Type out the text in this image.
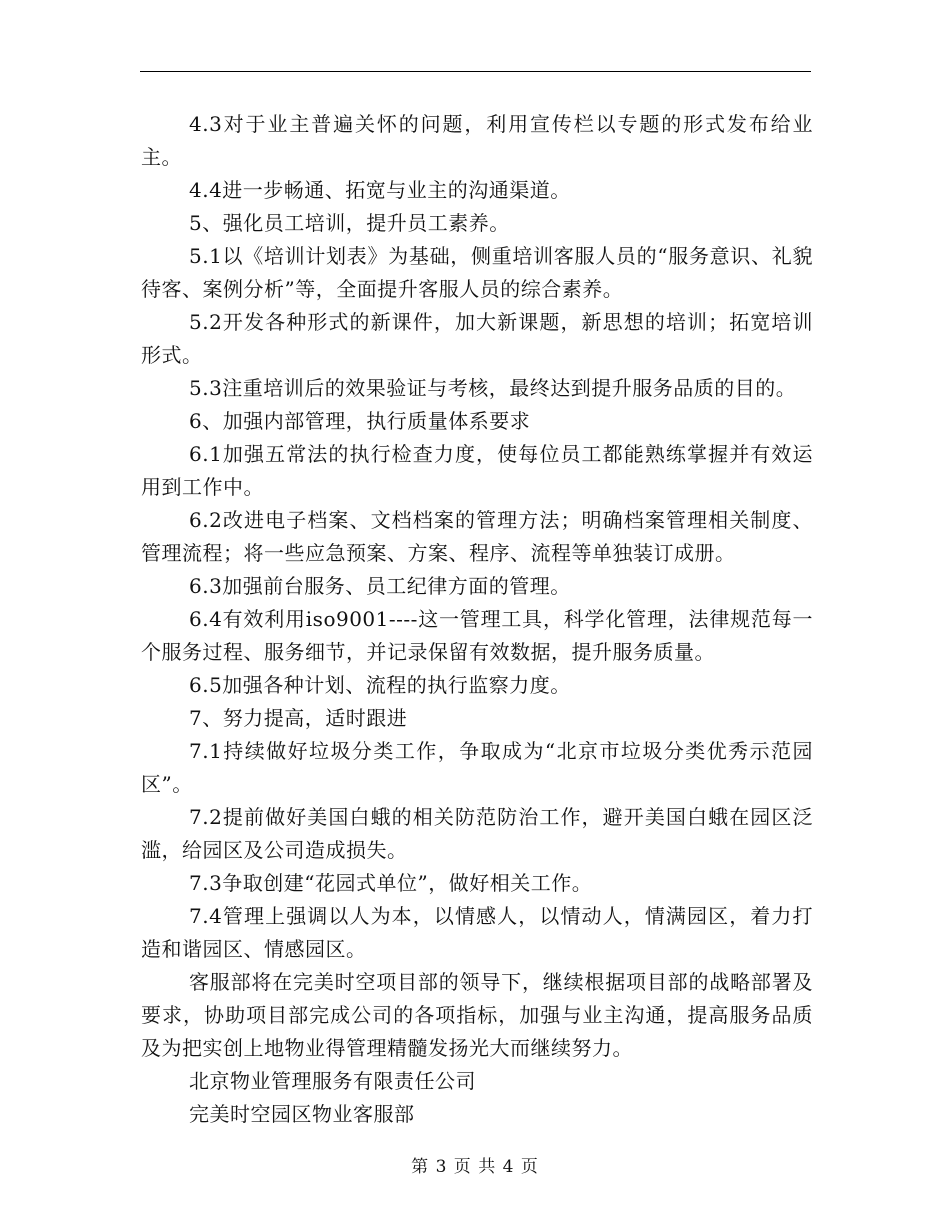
4.3对于业主普遍关怀的问题，利用宣传栏以专题的形式发布给业主。

4.4进一步畅通、拓宽与业主的沟通渠道。

5、强化员工培训，提升员工素养。

5.1以《培训计划表》为基础，侧重培训客服人员的“服务意识、礼貌待客、案例分析”等，全面提升客服人员的综合素养。

5.2开发各种形式的新课件，加大新课题，新思想的培训；拓宽培训形式。

5.3注重培训后的效果验证与考核，最终达到提升服务品质的目的。

6、加强内部管理，执行质量体系要求

6.1加强五常法的执行检查力度，使每位员工都能熟练掌握并有效运用到工作中。

6.2改进电子档案、文档档案的管理方法；明确档案管理相关制度、管理流程；将一些应急预案、方案、程序、流程等单独装订成册。

6.3加强前台服务、员工纪律方面的管理。

6.4有效利用iso9001----这一管理工具，科学化管理，法律规范每一个服务过程、服务细节，并记录保留有效数据，提升服务质量。

6.5加强各种计划、流程的执行监察力度。

7、努力提高，适时跟进

7.1持续做好垃圾分类工作，争取成为“北京市垃圾分类优秀示范园区”。

7.2提前做好美国白蛾的相关防范防治工作，避开美国白蛾在园区泛滥，给园区及公司造成损失。

7.3争取创建“花园式单位”，做好相关工作。

7.4管理上强调以人为本，以情感人，以情动人，情满园区，着力打造和谐园区、情感园区。

客服部将在完美时空项目部的领导下，继续根据项目部的战略部署及要求，协助项目部完成公司的各项指标，加强与业主沟通，提高服务品质及为把实创上地物业得管理精髓发扬光大而继续努力。

北京物业管理服务有限责任公司

完美时空园区物业客服部

第 3 页 共 4 页
